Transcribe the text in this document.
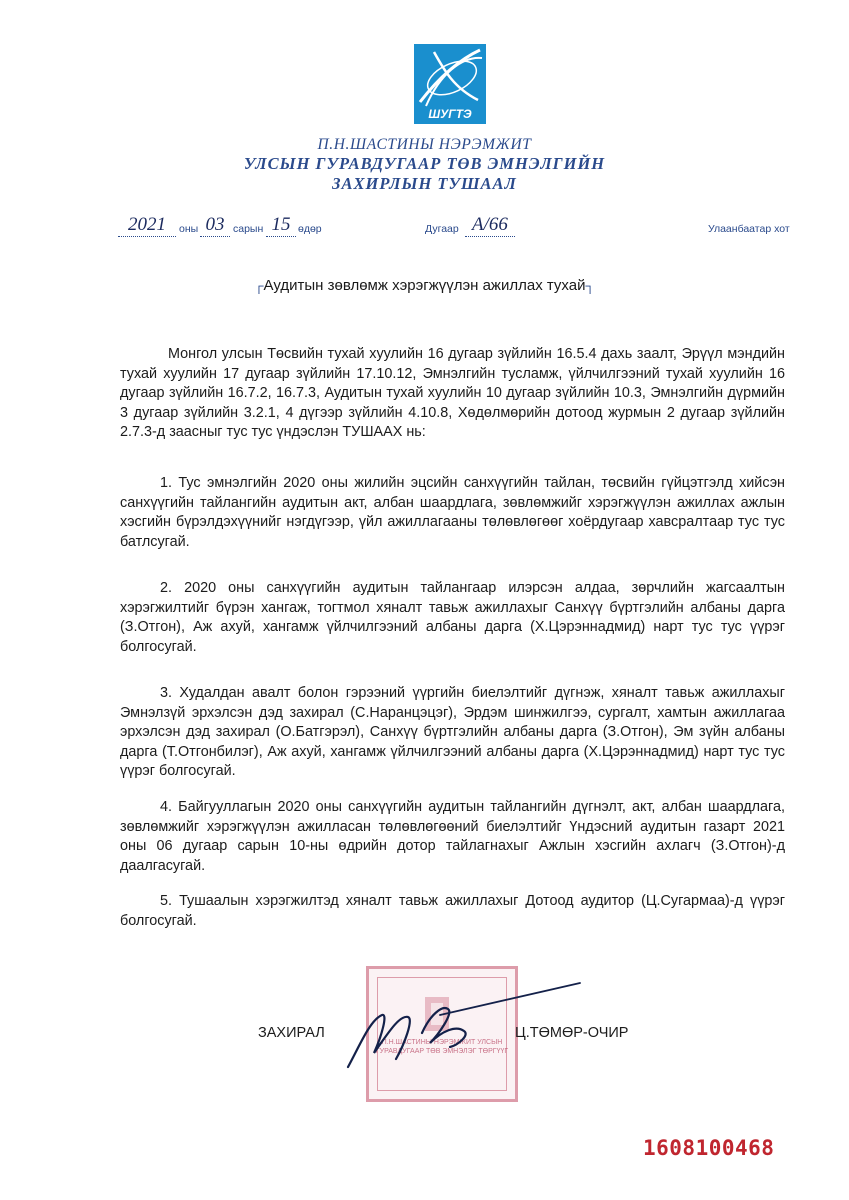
ШУГТЭ
П.Н.ШАСТИНЫ НЭРЭМЖИТ
УЛСЫН ГУРАВДУГААР ТӨВ ЭМНЭЛГИЙН
ЗАХИРЛЫН ТУШААЛ
2021	оны 03 сарын 15 өдөр	Дугаар А/66	Улаанбаатар хот
┌Аудитын зөвлөмж хэрэгжүүлэн ажиллах тухай┐
Монгол улсын Төсвийн тухай хуулийн 16 дугаар зүйлийн 16.5.4 дахь заалт, Эрүүл мэндийн тухай хуулийн 17 дугаар зүйлийн 17.10.12, Эмнэлгийн тусламж, үйлчилгээний тухай хуулийн 16 дугаар зүйлийн 16.7.2, 16.7.3, Аудитын тухай хуулийн 10 дугаар зүйлийн 10.3, Эмнэлгийн дүрмийн 3 дугаар зүйлийн 3.2.1, 4 дүгээр зүйлийн 4.10.8, Хөдөлмөрийн дотоод журмын 2 дугаар зүйлийн 2.7.3-д заасныг тус тус үндэслэн ТУШААХ нь:
1. Тус эмнэлгийн 2020 оны жилийн эцсийн санхүүгийн тайлан, төсвийн гүйцэтгэлд хийсэн санхүүгийн тайлангийн аудитын акт, албан шаардлага, зөвлөмжийг хэрэгжүүлэн ажиллах ажлын хэсгийн бүрэлдэхүүнийг нэгдүгээр, үйл ажиллагааны төлөвлөгөөг хоёрдугаар хавсралтаар тус тус батлсугай.
2. 2020 оны санхүүгийн аудитын тайлангаар илэрсэн алдаа, зөрчлийн жагсаалтын хэрэгжилтийг бүрэн хангаж, тогтмол хяналт тавьж ажиллахыг Санхүү бүртгэлийн албаны дарга (З.Отгон), Аж ахуй, хангамж үйлчилгээний албаны дарга (Х.Цэрэннадмид) нарт тус тус үүрэг болгосугай.
3. Худалдан авалт болон гэрээний үүргийн биелэлтийг дүгнэж, хяналт тавьж ажиллахыг Эмнэлзүй эрхэлсэн дэд захирал (С.Наранцэцэг), Эрдэм шинжилгээ, сургалт, хамтын ажиллагаа эрхэлсэн дэд захирал (О.Батгэрэл), Санхүү бүртгэлийн албаны дарга (З.Отгон), Эм зүйн албаны дарга (Т.Отгонбилэг), Аж ахуй, хангамж үйлчилгээний албаны дарга (Х.Цэрэннадмид) нарт тус тус үүрэг болгосугай.
4. Байгууллагын 2020 оны санхүүгийн аудитын тайлангийн дүгнэлт, акт, албан шаардлага, зөвлөмжийг хэрэгжүүлэн ажилласан төлөвлөгөөний биелэлтийг Үндэсний аудитын газарт 2021 оны 06 дугаар сарын 10-ны өдрийн дотор тайлагнахыг Ажлын хэсгийн ахлагч (З.Отгон)-д даалгасугай.
5. Тушаалын хэрэгжилтэд хяналт тавьж ажиллахыг Дотоод аудитор (Ц.Сугармаа)-д үүрэг болгосугай.
П.Н.ШАСТИНЫ НЭРЭМЖИТ УЛСЫН ГУРАВДУГААР ТӨВ ЭМНЭЛЭГ ТӨРГҮҮГ
ЗАХИРАЛ	Ц.ТӨМӨР-ОЧИР
1608100468
